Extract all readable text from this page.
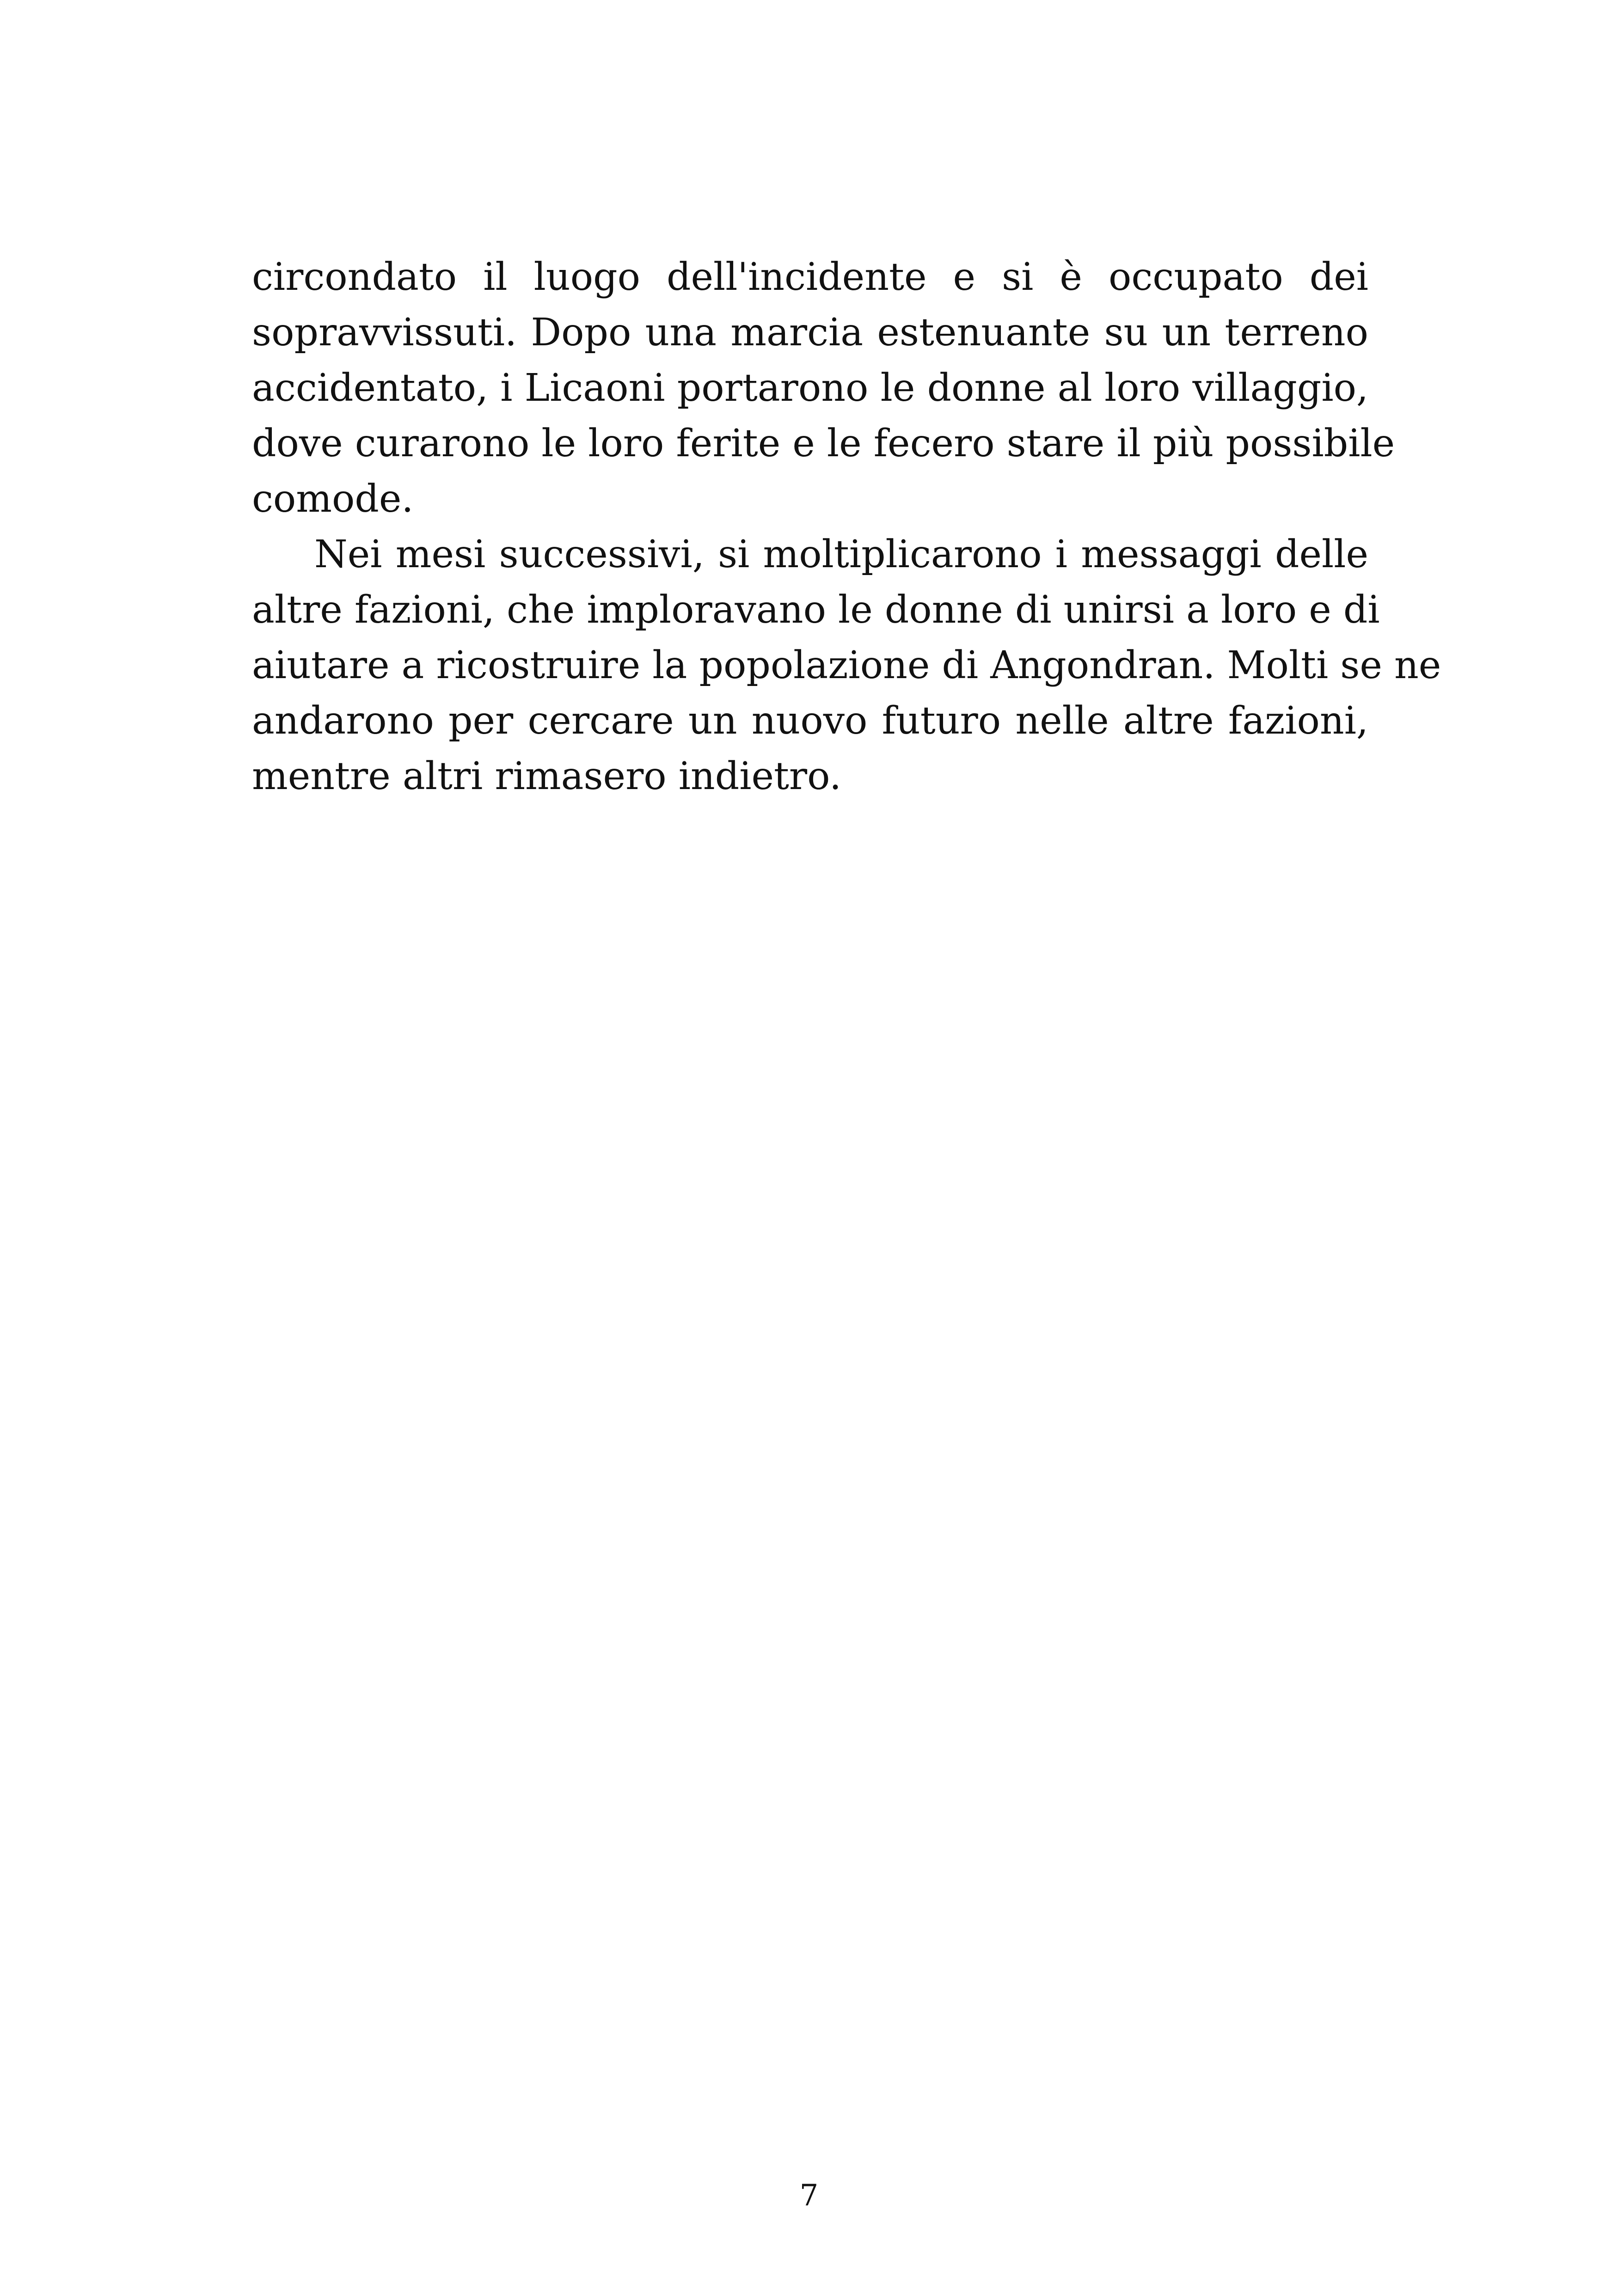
circondato il luogo dell'incidente e si è occupato dei
sopravvissuti. Dopo una marcia estenuante su un terreno
accidentato, i Licaoni portarono le donne al loro villaggio,
dove curarono le loro ferite e le fecero stare il più possibile
comode.
Nei mesi successivi, si moltiplicarono i messaggi delle
altre fazioni, che imploravano le donne di unirsi a loro e di
aiutare a ricostruire la popolazione di Angondran. Molti se ne
andarono per cercare un nuovo futuro nelle altre fazioni,
mentre altri rimasero indietro.
7
